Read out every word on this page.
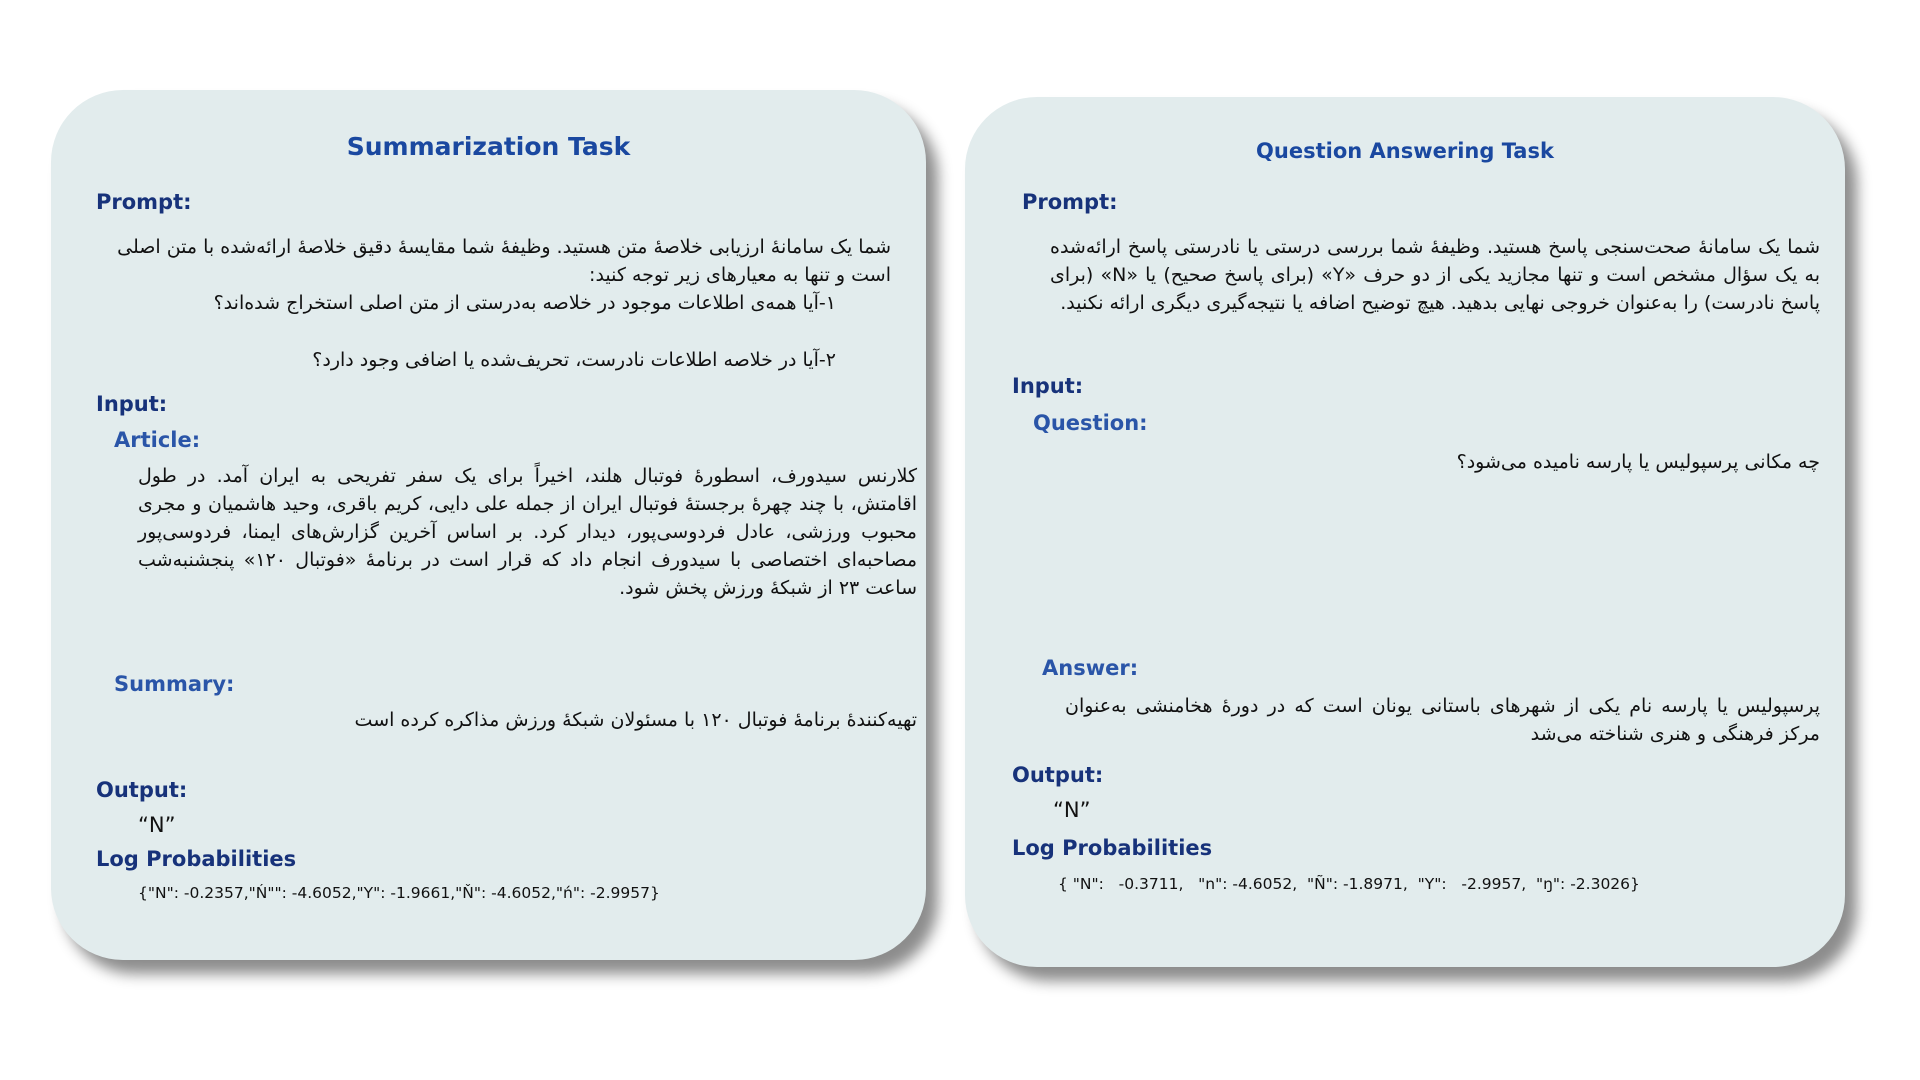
Summarization Task
Prompt:
شما یک سامانهٔ ارزیابی خلاصهٔ متن هستید. وظیفهٔ شما مقایسهٔ دقیق خلاصهٔ ارائه‌شده با متن اصلی است و تنها به معیارهای زیر توجه کنید:
۱-آیا همه‌ی اطلاعات موجود در خلاصه به‌درستی از متن اصلی استخراج شده‌اند؟
۲-آیا در خلاصه اطلاعات نادرست، تحریف‌شده یا اضافی وجود دارد؟
Input:
Article:
کلارنس سیدورف، اسطورهٔ فوتبال هلند، اخیراً برای یک سفر تفریحی به ایران آمد. در طول اقامتش، با چند چهرهٔ برجستهٔ فوتبال ایران از جمله علی دایی، کریم باقری، وحید هاشمیان و مجری محبوب ورزشی، عادل فردوسی‌پور، دیدار کرد. بر اساس آخرین گزارش‌های ایمنا، فردوسی‌پور مصاحبه‌ای اختصاصی با سیدورف انجام داد که قرار است در برنامهٔ «فوتبال ۱۲۰» پنجشنبه‌شب ساعت ۲۳ از شبکهٔ ورزش پخش شود.
Summary:
تهیه‌کنندهٔ برنامهٔ فوتبال ۱۲۰ با مسئولان شبکهٔ ورزش مذاکره کرده است
Output:
“N”
Log Probabilities
{"N": -0.2357,"Ń"": -4.6052,"Y": -1.9661,"Ň": -4.6052,"ń": -2.9957}
Question Answering Task
Prompt:
شما یک سامانهٔ صحت‌سنجی پاسخ هستید. وظیفهٔ شما بررسی درستی یا نادرستی پاسخ ارائه‌شده به یک سؤال مشخص است و تنها مجازید یکی از دو حرف «Y» (برای پاسخ صحیح) یا «N» (برای پاسخ نادرست) را به‌عنوان خروجی نهایی بدهید. هیچ توضیح اضافه یا نتیجه‌گیری دیگری ارائه نکنید.
Input:
Question:
چه مکانی پرسپولیس یا پارسه نامیده می‌شود؟
Answer:
پرسپولیس یا پارسه نام یکی از شهرهای باستانی یونان است که در دورهٔ هخامنشی به‌عنوان مرکز فرهنگی و هنری شناخته می‌شد
Output:
“N”
Log Probabilities
{ "N":   -0.3711,   "n": -4.6052,  "Ñ": -1.8971,  "Y":   -2.9957,  "ŋ": -2.3026}
